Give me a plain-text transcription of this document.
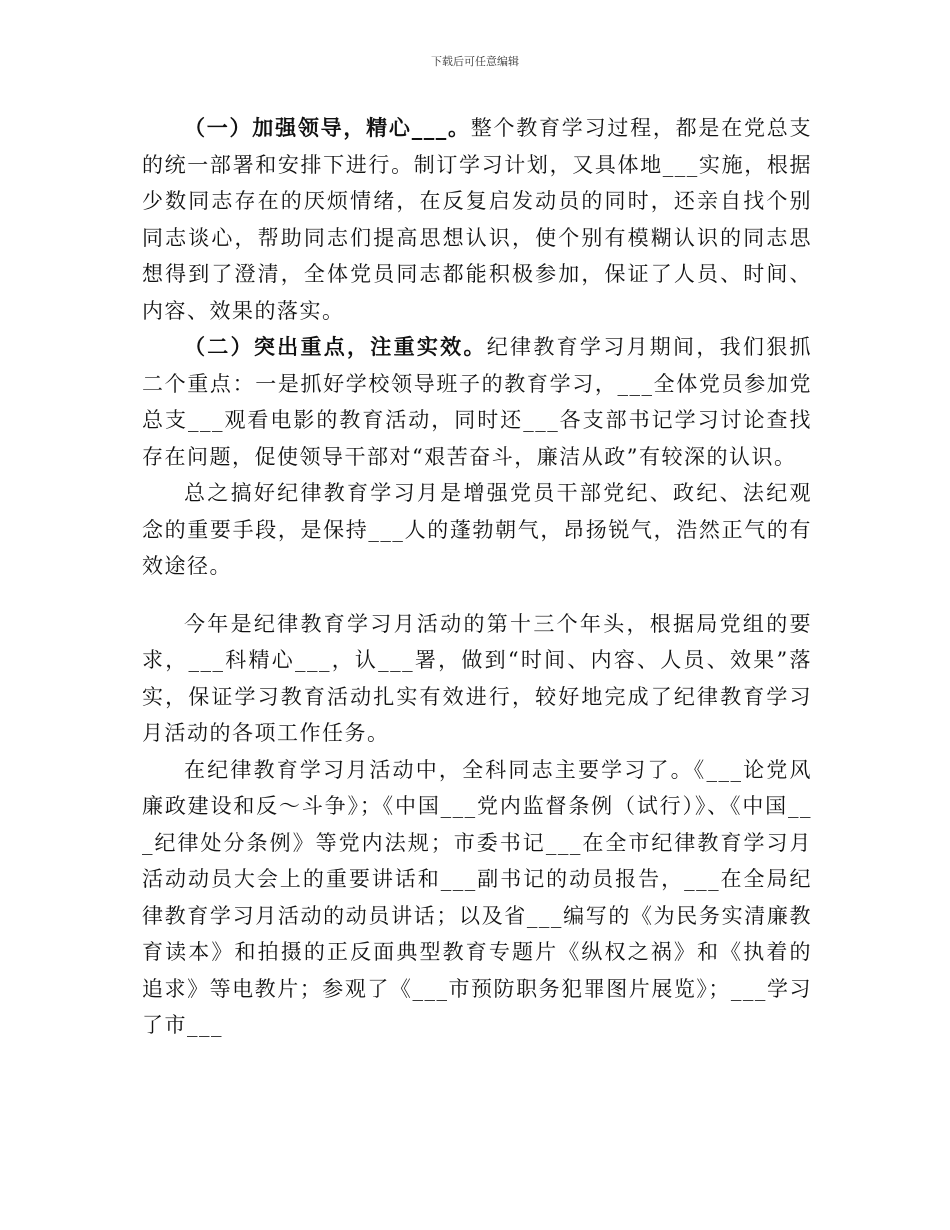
下载后可任意编辑

（一）加强领导，精心___。整个教育学习过程，都是在党总支的统一部署和安排下进行。制订学习计划，又具体地___实施，根据少数同志存在的厌烦情绪，在反复启发动员的同时，还亲自找个别同志谈心，帮助同志们提高思想认识，使个别有模糊认识的同志思想得到了澄清，全体党员同志都能积极参加，保证了人员、时间、内容、效果的落实。

（二）突出重点，注重实效。纪律教育学习月期间，我们狠抓二个重点：一是抓好学校领导班子的教育学习，___全体党员参加党总支___观看电影的教育活动，同时还___各支部书记学习讨论查找存在问题，促使领导干部对“艰苦奋斗，廉洁从政”有较深的认识。

总之搞好纪律教育学习月是增强党员干部党纪、政纪、法纪观念的重要手段，是保持___人的蓬勃朝气，昂扬锐气，浩然正气的有效途径。

今年是纪律教育学习月活动的第十三个年头，根据局党组的要求，___科精心___，认___署，做到“时间、内容、人员、效果”落实，保证学习教育活动扎实有效进行，较好地完成了纪律教育学习月活动的各项工作任务。

在纪律教育学习月活动中，全科同志主要学习了。《___论党风廉政建设和反～斗争》；《中国___党内监督条例（试行）》、《中国___纪律处分条例》等党内法规；市委书记___在全市纪律教育学习月活动动员大会上的重要讲话和___副书记的动员报告，___在全局纪律教育学习月活动的动员讲话；以及省___编写的《为民务实清廉教育读本》和拍摄的正反面典型教育专题片《纵权之祸》和《执着的追求》等电教片；参观了《___市预防职务犯罪图片展览》；___学习了市___
